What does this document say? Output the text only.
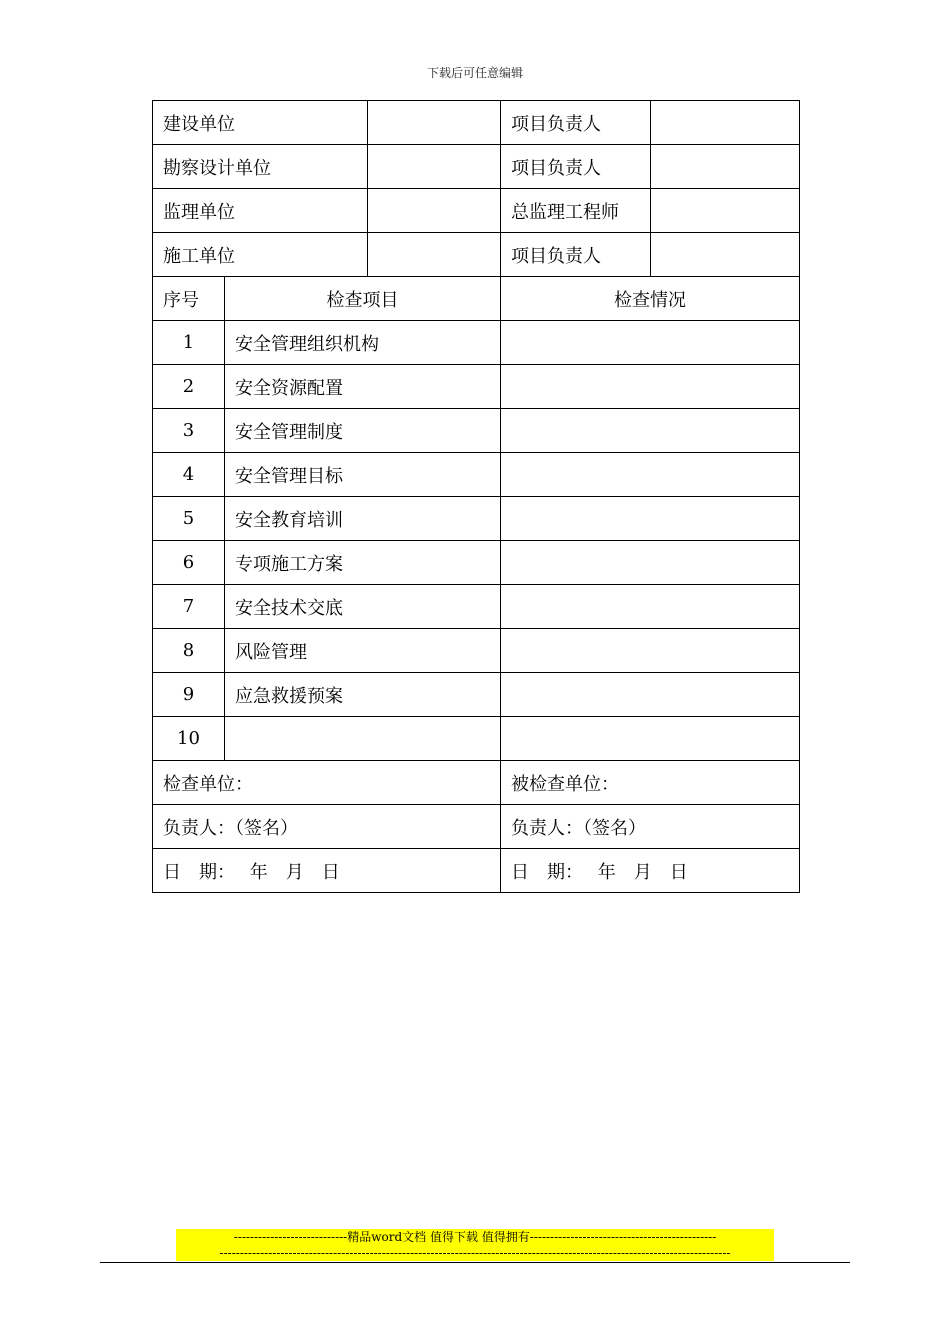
下载后可任意编辑
建设单位			项目负责人	
勘察设计单位			项目负责人	
监理单位			总监理工程师	
施工单位			项目负责人	
序号	检查项目		检查情况	
1	安全管理组织机构			
2	安全资源配置			
3	安全管理制度			
4	安全管理目标			
5	安全教育培训			
6	专项施工方案			
7	安全技术交底			
8	风险管理			
9	应急救援预案			
10				
检查单位：			被检查单位：	
负责人：（签名）			负责人：（签名）	
日　期：　 年　月　日			日　期：　 年　月　日	
----------------------------精品word文档 值得下载 值得拥有----------------------------------------------
------------------------------------------------------------------------------------------------------------------------------
